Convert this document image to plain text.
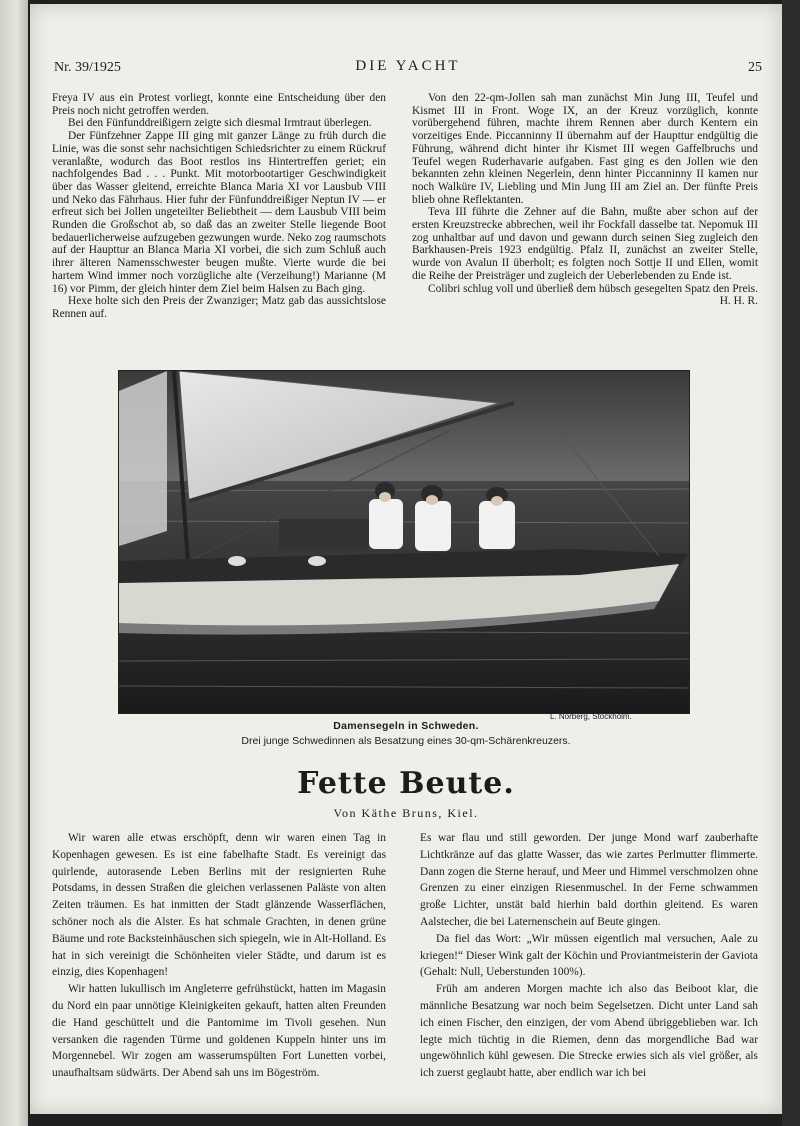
Nr. 39/1925	DIE YACHT	25

Freya IV aus ein Protest vorliegt, konnte eine Entscheidung über den Preis noch nicht getroffen werden.

Bei den Fünfunddreißigern zeigte sich diesmal Irmtraut überlegen.

Der Fünfzehner Zappe III ging mit ganzer Länge zu früh durch die Linie, was die sonst sehr nachsichtigen Schiedsrichter zu einem Rückruf veranlaßte, wodurch das Boot restlos ins Hintertreffen geriet; ein nachfolgendes Bad . . . Punkt. Mit motorbootartiger Geschwindigkeit über das Wasser gleitend, erreichte Blanca Maria XI vor Lausbub VIII und Neko das Fährhaus. Hier fuhr der Fünfunddreißiger Neptun IV — er erfreut sich bei Jollen ungeteilter Beliebtheit — dem Lausbub VIII beim Runden die Großschot ab, so daß das an zweiter Stelle liegende Boot bedauerlicherweise aufzugeben gezwungen wurde. Neko zog raumschots auf der Haupttur an Blanca Maria XI vorbei, die sich zum Schluß auch ihrer älteren Namensschwester beugen mußte. Vierte wurde die bei hartem Wind immer noch vorzügliche alte (Verzeihung!) Marianne (M 16) vor Pimm, der gleich hinter dem Ziel beim Halsen zu Bach ging.

Hexe holte sich den Preis der Zwanziger; Matz gab das aussichtslose Rennen auf.

Von den 22-qm-Jollen sah man zunächst Min Jung III, Teufel und Kismet III in Front. Woge IX, an der Kreuz vorzüglich, konnte vorübergehend führen, machte ihrem Rennen aber durch Kentern ein vorzeitiges Ende. Piccanninny II übernahm auf der Haupttur endgültig die Führung, während dicht hinter ihr Kismet III wegen Gaffelbruchs und Teufel wegen Ruderhavarie aufgaben. Fast ging es den Jollen wie den bekannten zehn kleinen Negerlein, denn hinter Piccanninny II kamen nur noch Walküre IV, Liebling und Min Jung III am Ziel an. Der fünfte Preis blieb ohne Reflektanten.

Teva III führte die Zehner auf die Bahn, mußte aber schon auf der ersten Kreuzstrecke abbrechen, weil ihr Fockfall dasselbe tat. Nepomuk III zog unhaltbar auf und davon und gewann durch seinen Sieg zugleich den Barkhausen-Preis 1923 endgültig. Pfalz II, zunächst an zweiter Stelle, wurde von Avalun II überholt; es folgten noch Sottje II und Ellen, womit die Reihe der Preisträger und zugleich der Ueberlebenden zu Ende ist.

Colibri schlug voll und überließ dem hübsch gesegelten Spatz den Preis.

H. H. R.
L. Norberg, Stockholm.
Damensegeln in Schweden.
Drei junge Schwedinnen als Besatzung eines 30-qm-Schärenkreuzers.
Fette Beute.
Von Käthe Bruns, Kiel.

Wir waren alle etwas erschöpft, denn wir waren einen Tag in Kopenhagen gewesen. Es ist eine fabelhafte Stadt. Es vereinigt das quirlende, autorasende Leben Berlins mit der resignierten Ruhe Potsdams, in dessen Straßen die gleichen verlassenen Paläste von alten Zeiten träumen. Es hat inmitten der Stadt glänzende Wasserflächen, schöner noch als die Alster. Es hat schmale Grachten, in denen grüne Bäume und rote Backsteinhäuschen sich spiegeln, wie in Alt-Holland. Es hat in sich vereinigt die Schönheiten vieler Städte, und darum ist es einzig, dies Kopenhagen!

Wir hatten lukullisch im Angleterre gefrühstückt, hatten im Magasin du Nord ein paar unnötige Kleinigkeiten gekauft, hatten alten Freunden die Hand geschüttelt und die Pantomime im Tivoli gesehen. Nun versanken die ragenden Türme und goldenen Kuppeln hinter uns im Morgennebel. Wir zogen am wasserumspülten Fort Lunetten vorbei, unaufhaltsam südwärts. Der Abend sah uns im Bögeström.

Es war flau und still geworden. Der junge Mond warf zauberhafte Lichtkränze auf das glatte Wasser, das wie zartes Perlmutter flimmerte. Dann zogen die Sterne herauf, und Meer und Himmel verschmolzen ohne Grenzen zu einer einzigen Riesenmuschel. In der Ferne schwammen große Lichter, unstät bald hierhin bald dorthin gleitend. Es waren Aalstecher, die bei Laternenschein auf Beute gingen.

Da fiel das Wort: „Wir müssen eigentlich mal versuchen, Aale zu kriegen!“ Dieser Wink galt der Köchin und Proviantmeisterin der Gaviota (Gehalt: Null, Ueberstunden 100%).

Früh am anderen Morgen machte ich also das Beiboot klar, die männliche Besatzung war noch beim Segelsetzen. Dicht unter Land sah ich einen Fischer, den einzigen, der vom Abend übriggeblieben war. Ich legte mich tüchtig in die Riemen, denn das morgendliche Bad war ungewöhnlich kühl gewesen. Die Strecke erwies sich als viel größer, als ich zuerst geglaubt hatte, aber endlich war ich bei
